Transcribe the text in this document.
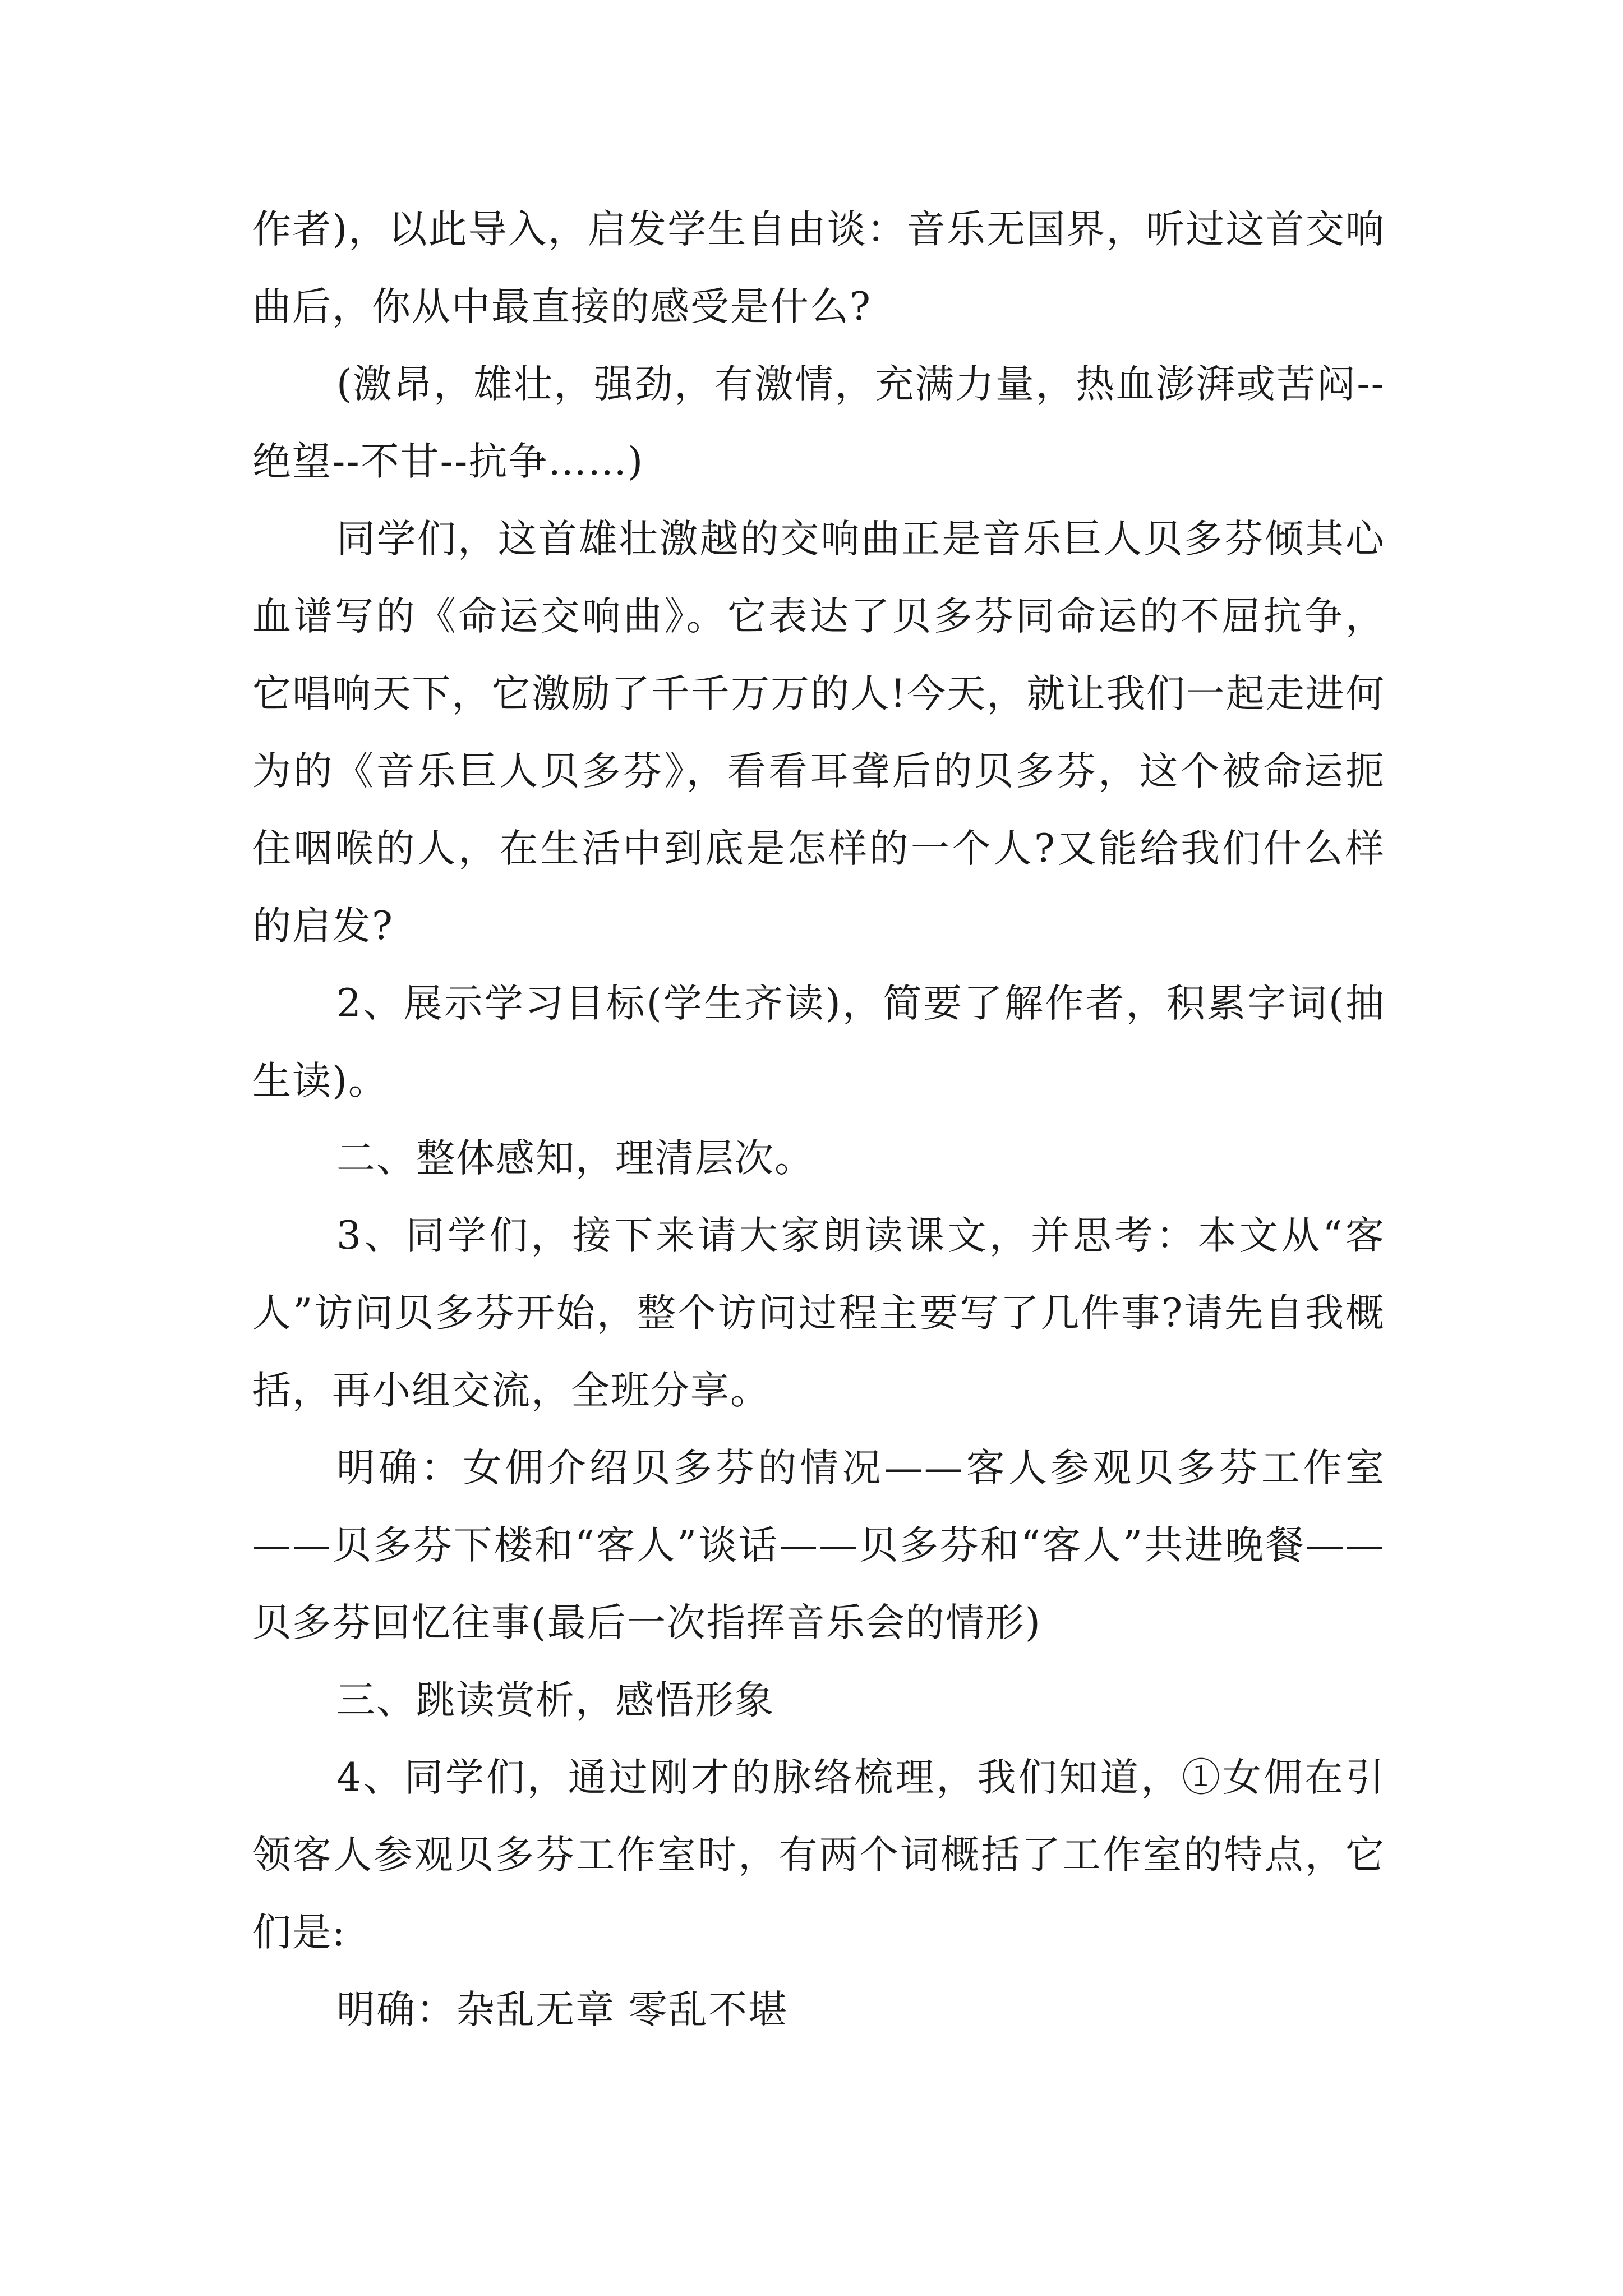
作者)，以此导入，启发学生自由谈：音乐无国界，听过这首交响曲后，你从中最直接的感受是什么?

(激昂，雄壮，强劲，有激情，充满力量，热血澎湃或苦闷--绝望--不甘--抗争……)

同学们，这首雄壮激越的交响曲正是音乐巨人贝多芬倾其心血谱写的《命运交响曲》。它表达了贝多芬同命运的不屈抗争，它唱响天下，它激励了千千万万的人!今天，就让我们一起走进何为的《音乐巨人贝多芬》，看看耳聋后的贝多芬，这个被命运扼住咽喉的人，在生活中到底是怎样的一个人?又能给我们什么样的启发?

2、展示学习目标(学生齐读)，简要了解作者，积累字词(抽生读)。

二、整体感知，理清层次。

3、同学们，接下来请大家朗读课文，并思考：本文从“客人”访问贝多芬开始，整个访问过程主要写了几件事?请先自我概括，再小组交流，全班分享。

明确：女佣介绍贝多芬的情况——客人参观贝多芬工作室——贝多芬下楼和“客人”谈话——贝多芬和“客人”共进晚餐——贝多芬回忆往事(最后一次指挥音乐会的情形)

三、跳读赏析，感悟形象

4、同学们，通过刚才的脉络梳理，我们知道，①女佣在引领客人参观贝多芬工作室时，有两个词概括了工作室的特点，它们是:

明确：杂乱无章 零乱不堪
